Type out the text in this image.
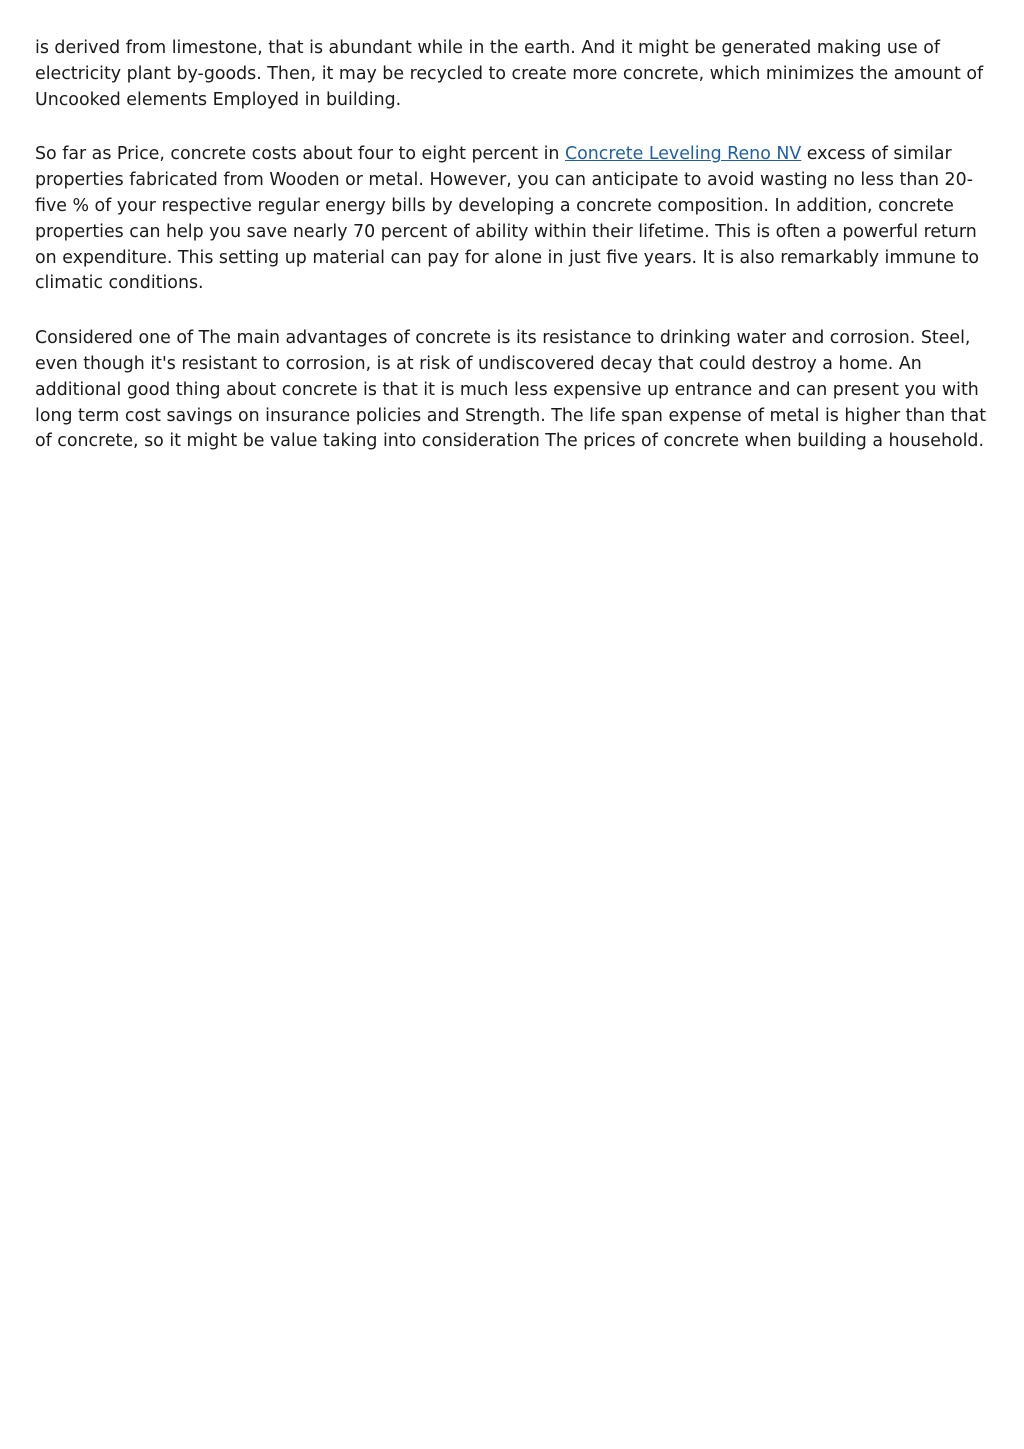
is derived from limestone, that is abundant while in the earth. And it might be generated making use of electricity plant by-goods. Then, it may be recycled to create more concrete, which minimizes the amount of Uncooked elements Employed in building.

So far as Price, concrete costs about four to eight percent in Concrete Leveling Reno NV excess of similar properties fabricated from Wooden or metal. However, you can anticipate to avoid wasting no less than 20-five % of your respective regular energy bills by developing a concrete composition. In addition, concrete properties can help you save nearly 70 percent of ability within their lifetime. This is often a powerful return on expenditure. This setting up material can pay for alone in just five years. It is also remarkably immune to climatic conditions.

Considered one of The main advantages of concrete is its resistance to drinking water and corrosion. Steel, even though it's resistant to corrosion, is at risk of undiscovered decay that could destroy a home. An additional good thing about concrete is that it is much less expensive up entrance and can present you with long term cost savings on insurance policies and Strength. The life span expense of metal is higher than that of concrete, so it might be value taking into consideration The prices of concrete when building a household.
